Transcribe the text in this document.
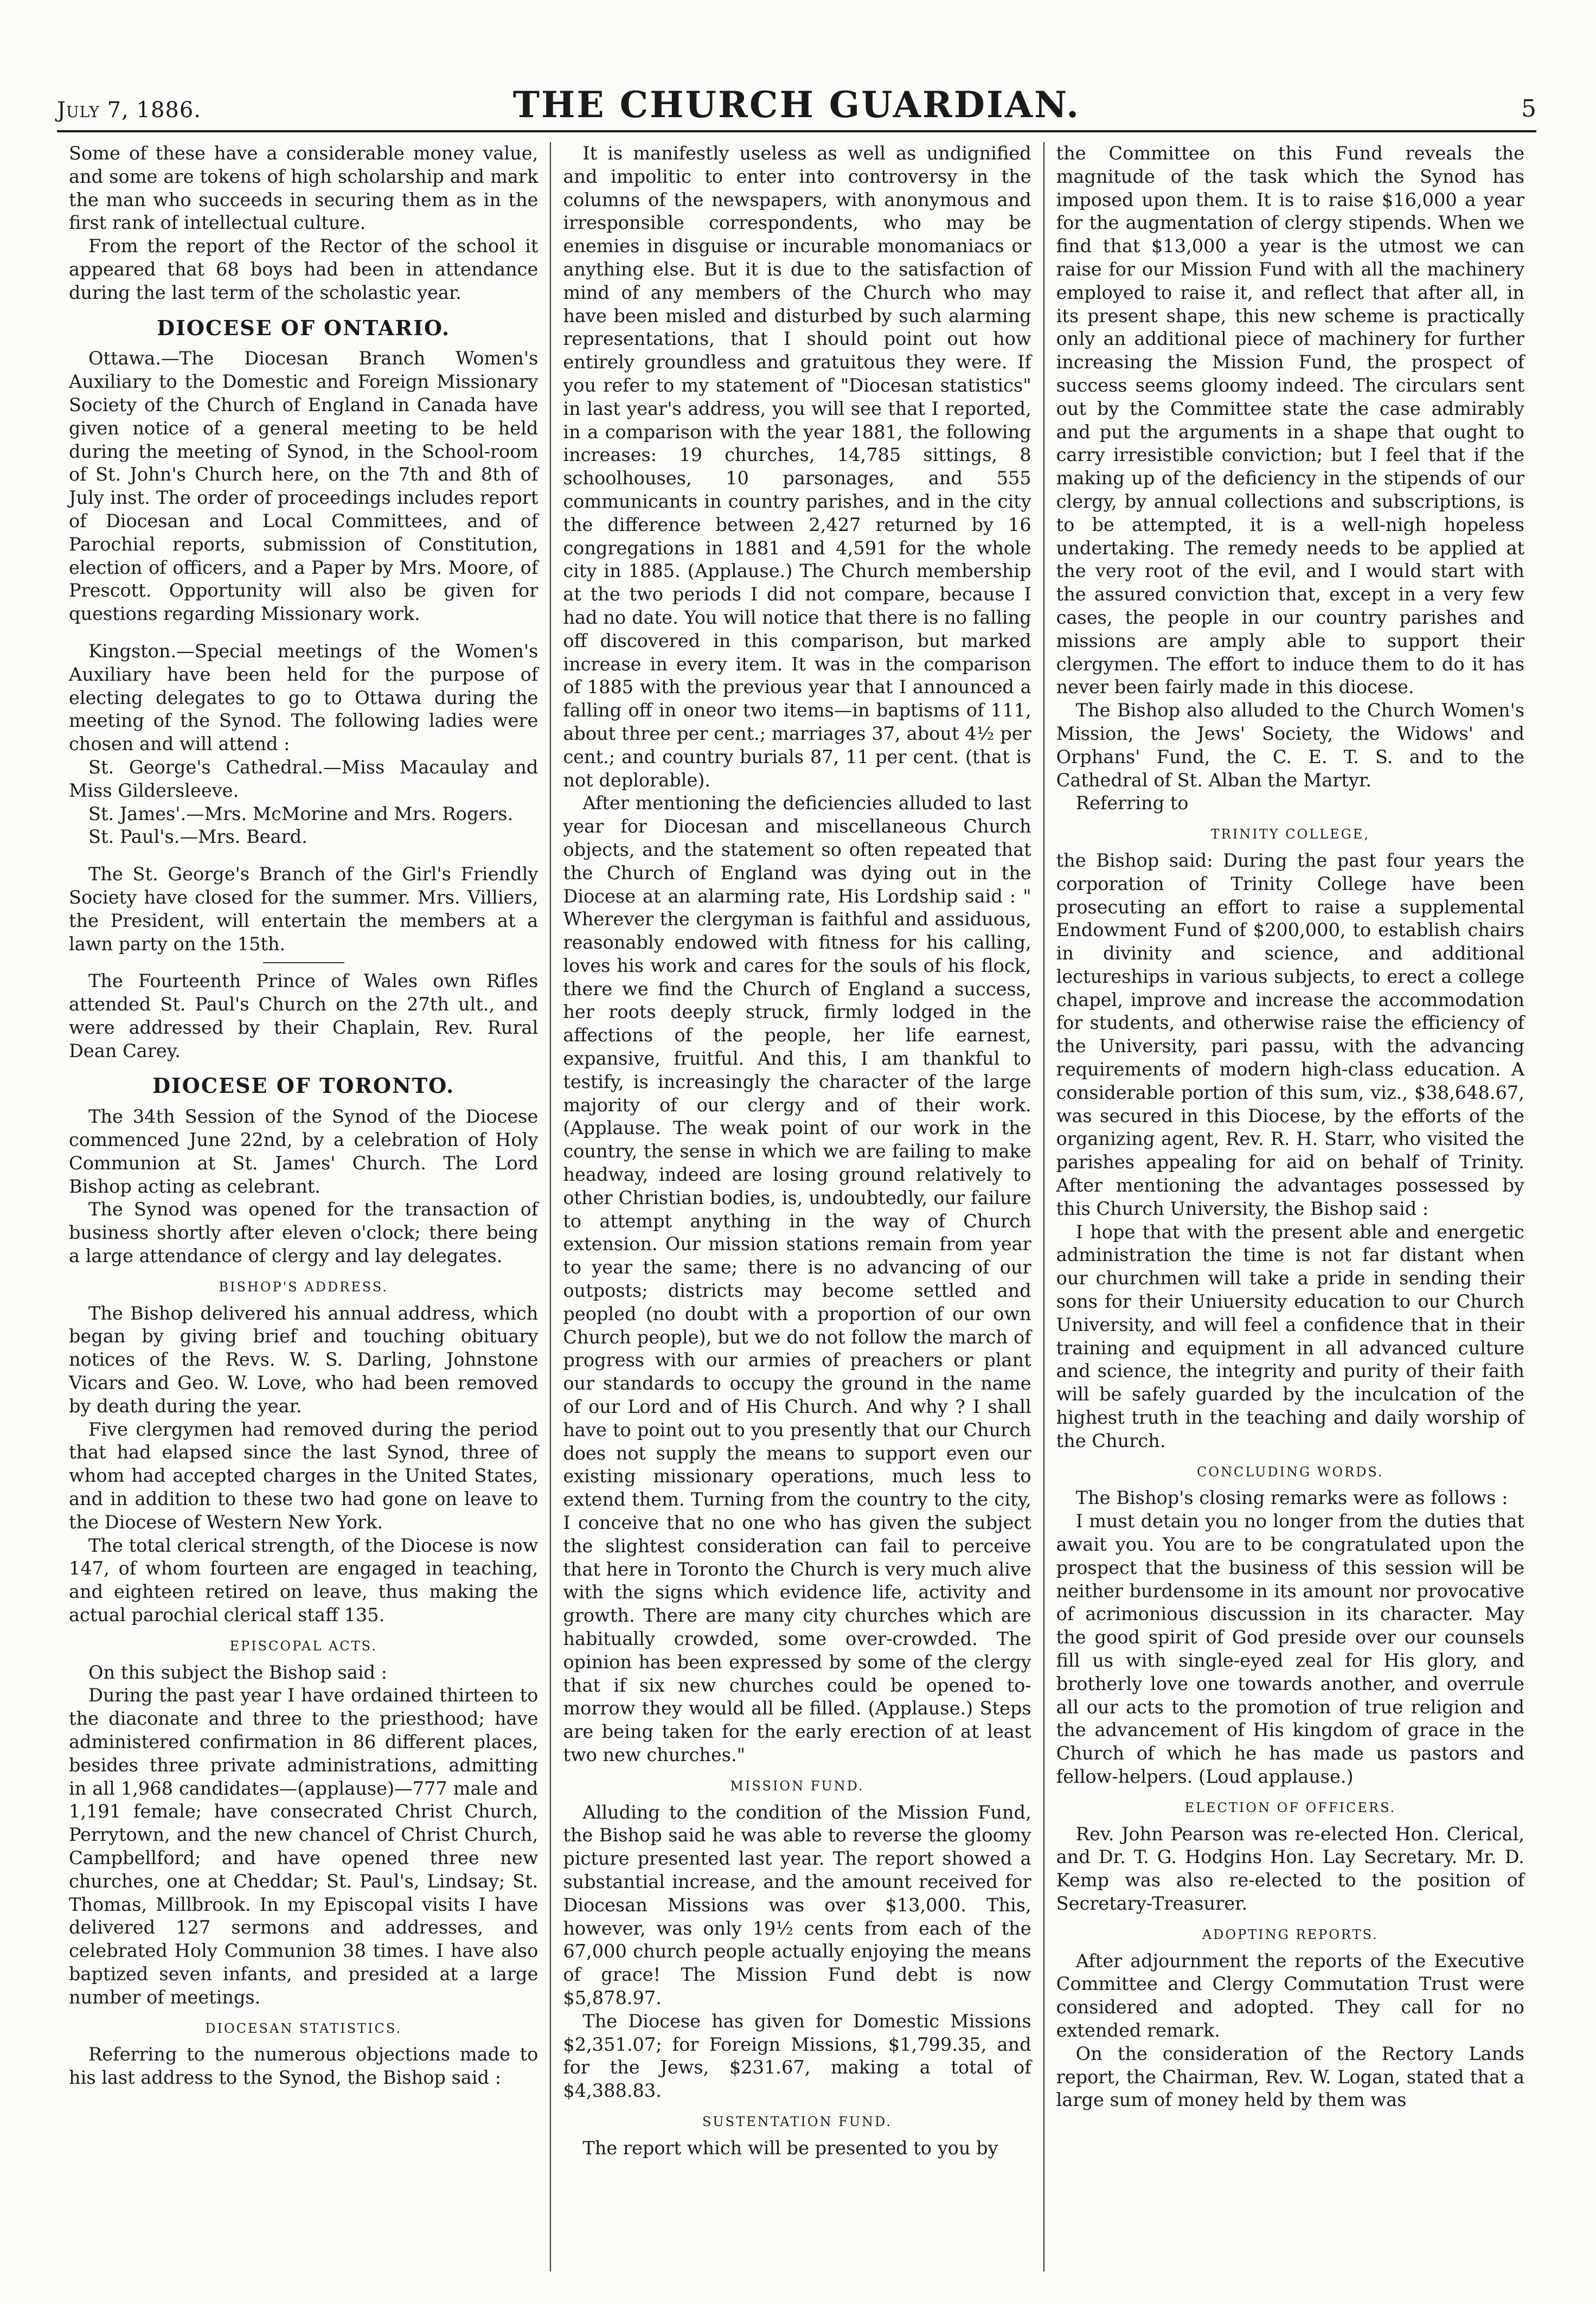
July 7, 1886.	THE CHURCH GUARDIAN.	5

Some of these have a considerable money value, and some are tokens of high scholarship and mark the man who succeeds in securing them as in the first rank of intellectual culture.

From the report of the Rector of the school it appeared that 68 boys had been in attendance during the last term of the scholastic year.

DIOCESE OF ONTARIO.

Ottawa.—The Diocesan Branch Women's Auxiliary to the Domestic and Foreign Missionary Society of the Church of England in Canada have given notice of a general meeting to be held during the meeting of Synod, in the School-room of St. John's Church here, on the 7th and 8th of July inst. The order of proceedings includes report of Diocesan and Local Committees, and of Parochial reports, submission of Constitution, election of officers, and a Paper by Mrs. Moore, of Prescott. Opportunity will also be given for questions regarding Missionary work.

Kingston.—Special meetings of the Women's Auxiliary have been held for the purpose of electing delegates to go to Ottawa during the meeting of the Synod. The following ladies were chosen and will attend :

St. George's Cathedral.—Miss Macaulay and Miss Gildersleeve.

St. James'.—Mrs. McMorine and Mrs. Rogers.

St. Paul's.—Mrs. Beard.

The St. George's Branch of the Girl's Friendly Society have closed for the summer. Mrs. Villiers, the President, will entertain the members at a lawn party on the 15th.

The Fourteenth Prince of Wales own Rifles attended St. Paul's Church on the 27th ult., and were addressed by their Chaplain, Rev. Rural Dean Carey.

DIOCESE OF TORONTO.

The 34th Session of the Synod of the Diocese commenced June 22nd, by a celebration of Holy Communion at St. James' Church. The Lord Bishop acting as celebrant.

The Synod was opened for the transaction of business shortly after eleven o'clock; there being a large attendance of clergy and lay delegates.

BISHOP'S ADDRESS.

The Bishop delivered his annual address, which began by giving brief and touching obituary notices of the Revs. W. S. Darling, Johnstone Vicars and Geo. W. Love, who had been removed by death during the year.

Five clergymen had removed during the period that had elapsed since the last Synod, three of whom had accepted charges in the United States, and in addition to these two had gone on leave to the Diocese of Western New York.

The total clerical strength, of the Diocese is now 147, of whom fourteen are engaged in teaching, and eighteen retired on leave, thus making the actual parochial clerical staff 135.

EPISCOPAL ACTS.

On this subject the Bishop said :

During the past year I have ordained thirteen to the diaconate and three to the priesthood; have administered confirmation in 86 different places, besides three private administrations, admitting in all 1,968 candidates—(applause)—777 male and 1,191 female; have consecrated Christ Church, Perrytown, and the new chancel of Christ Church, Campbellford; and have opened three new churches, one at Cheddar; St. Paul's, Lindsay; St. Thomas, Millbrook. In my Episcopal visits I have delivered 127 sermons and addresses, and celebrated Holy Communion 38 times. I have also baptized seven infants, and presided at a large number of meetings.

DIOCESAN STATISTICS.

Referring to the numerous objections made to his last address to the Synod, the Bishop said :

It is manifestly useless as well as undignified and impolitic to enter into controversy in the columns of the newspapers, with anonymous and irresponsible correspondents, who may be enemies in disguise or incurable monomaniacs or anything else. But it is due to the satisfaction of mind of any members of the Church who may have been misled and disturbed by such alarming representations, that I should point out how entirely groundless and gratuitous they were. If you refer to my statement of "Diocesan statistics" in last year's address, you will see that I reported, in a comparison with the year 1881, the following increases: 19 churches, 14,785 sittings, 8 schoolhouses, 10 parsonages, and 555 communicants in country parishes, and in the city the difference between 2,427 returned by 16 congregations in 1881 and 4,591 for the whole city in 1885. (Applause.) The Church membership at the two periods I did not compare, because I had no date. You will notice that there is no falling off discovered in this comparison, but marked increase in every item. It was in the comparison of 1885 with the previous year that I announced a falling off in oneor two items—in baptisms of 111, about three per cent.; marriages 37, about 4½ per cent.; and country burials 87, 11 per cent. (that is not deplorable).

After mentioning the deficiencies alluded to last year for Diocesan and miscellaneous Church objects, and the statement so often repeated that the Church of England was dying out in the Diocese at an alarming rate, His Lordship said : " Wherever the clergyman is faithful and assiduous, reasonably endowed with fitness for his calling, loves his work and cares for the souls of his flock, there we find the Church of England a success, her roots deeply struck, firmly lodged in the affections of the people, her life earnest, expansive, fruitful. And this, I am thankful to testify, is increasingly the character of the large majority of our clergy and of their work. (Applause. The weak point of our work in the country, the sense in which we are failing to make headway, indeed are losing ground relatively to other Christian bodies, is, undoubtedly, our failure to attempt anything in the way of Church extension. Our mission stations remain from year to year the same; there is no advancing of our outposts; districts may become settled and peopled (no doubt with a proportion of our own Church people), but we do not follow the march of progress with our armies of preachers or plant our standards to occupy the ground in the name of our Lord and of His Church. And why ? I shall have to point out to you presently that our Church does not supply the means to support even our existing missionary operations, much less to extend them. Turning from the country to the city, I conceive that no one who has given the subject the slightest consideration can fail to perceive that here in Toronto the Church is very much alive with the signs which evidence life, activity and growth. There are many city churches which are habitually crowded, some over-crowded. The opinion has been expressed by some of the clergy that if six new churches could be opened to-morrow they would all be filled. (Applause.) Steps are being taken for the early erection of at least two new churches."

MISSION FUND.

Alluding to the condition of the Mission Fund, the Bishop said he was able to reverse the gloomy picture presented last year. The report showed a substantial increase, and the amount received for Diocesan Missions was over $13,000. This, however, was only 19½ cents from each of the 67,000 church people actually enjoying the means of grace! The Mission Fund debt is now $5,878.97.

The Diocese has given for Domestic Missions $2,351.07; for Foreign Missions, $1,799.35, and for the Jews, $231.67, making a total of $4,388.83.

SUSTENTATION FUND.

The report which will be presented to you by

the Committee on this Fund reveals the magnitude of the task which the Synod has imposed upon them. It is to raise $16,000 a year for the augmentation of clergy stipends. When we find that $13,000 a year is the utmost we can raise for our Mission Fund with all the machinery employed to raise it, and reflect that after all, in its present shape, this new scheme is practically only an additional piece of machinery for further increasing the Mission Fund, the prospect of success seems gloomy indeed. The circulars sent out by the Committee state the case admirably and put the arguments in a shape that ought to carry irresistible conviction; but I feel that if the making up of the deficiency in the stipends of our clergy, by annual collections and subscriptions, is to be attempted, it is a well-nigh hopeless undertaking. The remedy needs to be applied at the very root of the evil, and I would start with the assured conviction that, except in a very few cases, the people in our country parishes and missions are amply able to support their clergymen. The effort to induce them to do it has never been fairly made in this diocese.

The Bishop also alluded to the Church Women's Mission, the Jews' Society, the Widows' and Orphans' Fund, the C. E. T. S. and to the Cathedral of St. Alban the Martyr.

Referring to

TRINITY COLLEGE,

the Bishop said: During the past four years the corporation of Trinity College have been prosecuting an effort to raise a supplemental Endowment Fund of $200,000, to establish chairs in divinity and science, and additional lectureships in various subjects, to erect a college chapel, improve and increase the accommodation for students, and otherwise raise the efficiency of the University, pari passu, with the advancing requirements of modern high-class education. A considerable portion of this sum, viz., $38,648.67, was secured in this Diocese, by the efforts of the organizing agent, Rev. R. H. Starr, who visited the parishes appealing for aid on behalf of Trinity. After mentioning the advantages possessed by this Church University, the Bishop said :

I hope that with the present able and energetic administration the time is not far distant when our churchmen will take a pride in sending their sons for their Uniuersity education to our Church University, and will feel a confidence that in their training and equipment in all advanced culture and science, the integrity and purity of their faith will be safely guarded by the inculcation of the highest truth in the teaching and daily worship of the Church.

CONCLUDING WORDS.

The Bishop's closing remarks were as follows :

I must detain you no longer from the duties that await you. You are to be congratulated upon the prospect that the business of this session will be neither burdensome in its amount nor provocative of acrimonious discussion in its character. May the good spirit of God preside over our counsels fill us with single-eyed zeal for His glory, and brotherly love one towards another, and overrule all our acts to the promotion of true religion and the advancement of His kingdom of grace in the Church of which he has made us pastors and fellow-helpers. (Loud applause.)

ELECTION OF OFFICERS.

Rev. John Pearson was re-elected Hon. Clerical, and Dr. T. G. Hodgins Hon. Lay Secretary. Mr. D. Kemp was also re-elected to the position of Secretary-Treasurer.

ADOPTING REPORTS.

After adjournment the reports of the Executive Committee and Clergy Commutation Trust were considered and adopted. They call for no extended remark.

On the consideration of the Rectory Lands report, the Chairman, Rev. W. Logan, stated that a large sum of money held by them was
